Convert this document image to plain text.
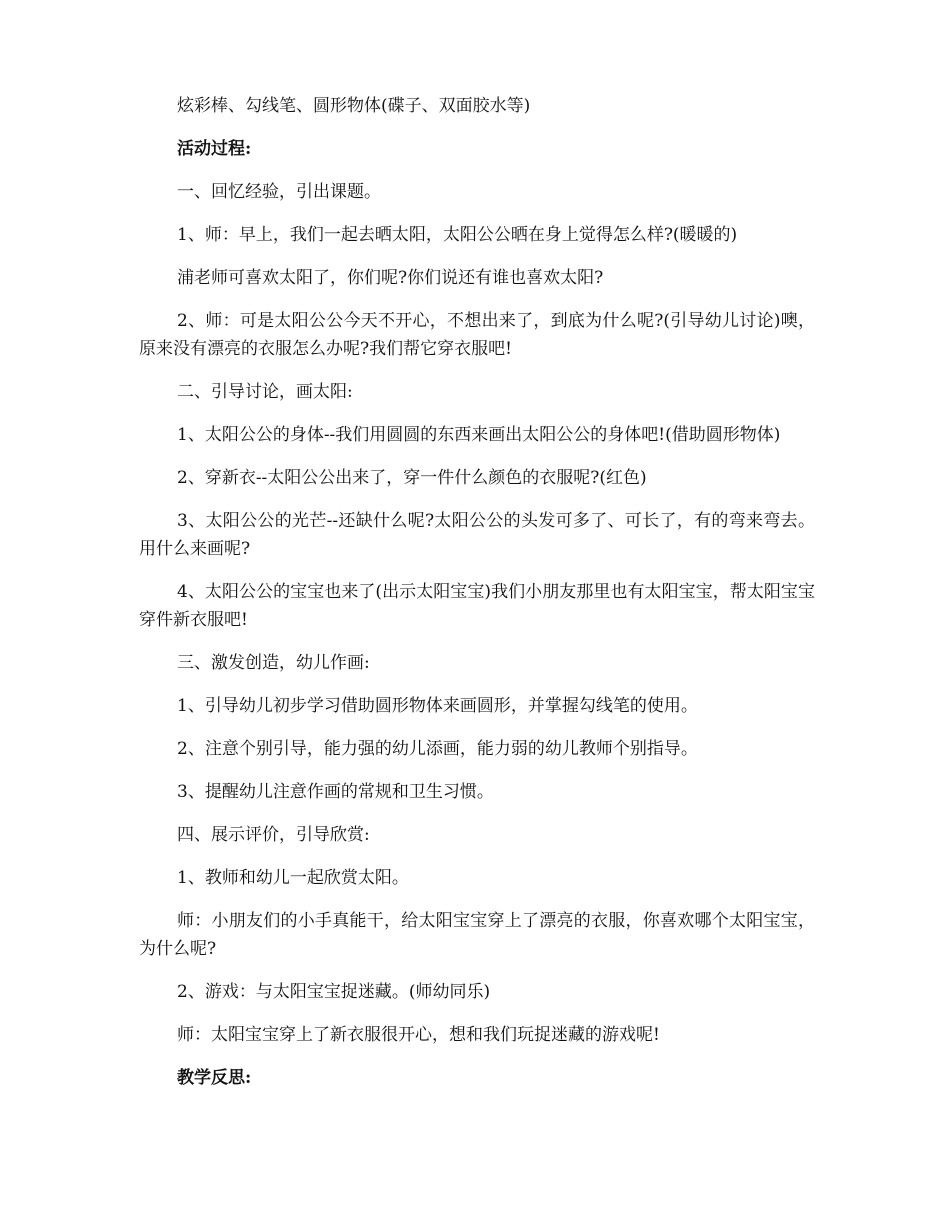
炫彩棒、勾线笔、圆形物体(碟子、双面胶水等)

活动过程:

一、回忆经验，引出课题。

1、师：早上，我们一起去晒太阳，太阳公公晒在身上觉得怎么样?(暖暖的)

浦老师可喜欢太阳了，你们呢?你们说还有谁也喜欢太阳?

2、师：可是太阳公公今天不开心，不想出来了，到底为什么呢?(引导幼儿讨论)噢，原来没有漂亮的衣服怎么办呢?我们帮它穿衣服吧!

二、引导讨论，画太阳:

1、太阳公公的身体--我们用圆圆的东西来画出太阳公公的身体吧!(借助圆形物体)

2、穿新衣--太阳公公出来了，穿一件什么颜色的衣服呢?(红色)

3、太阳公公的光芒--还缺什么呢?太阳公公的头发可多了、可长了，有的弯来弯去。用什么来画呢?

4、太阳公公的宝宝也来了(出示太阳宝宝)我们小朋友那里也有太阳宝宝，帮太阳宝宝穿件新衣服吧!

三、激发创造，幼儿作画:

1、引导幼儿初步学习借助圆形物体来画圆形，并掌握勾线笔的使用。

2、注意个别引导，能力强的幼儿添画，能力弱的幼儿教师个别指导。

3、提醒幼儿注意作画的常规和卫生习惯。

四、展示评价，引导欣赏:

1、教师和幼儿一起欣赏太阳。

师：小朋友们的小手真能干，给太阳宝宝穿上了漂亮的衣服，你喜欢哪个太阳宝宝，为什么呢?

2、游戏：与太阳宝宝捉迷藏。(师幼同乐)

师：太阳宝宝穿上了新衣服很开心，想和我们玩捉迷藏的游戏呢!

教学反思:
